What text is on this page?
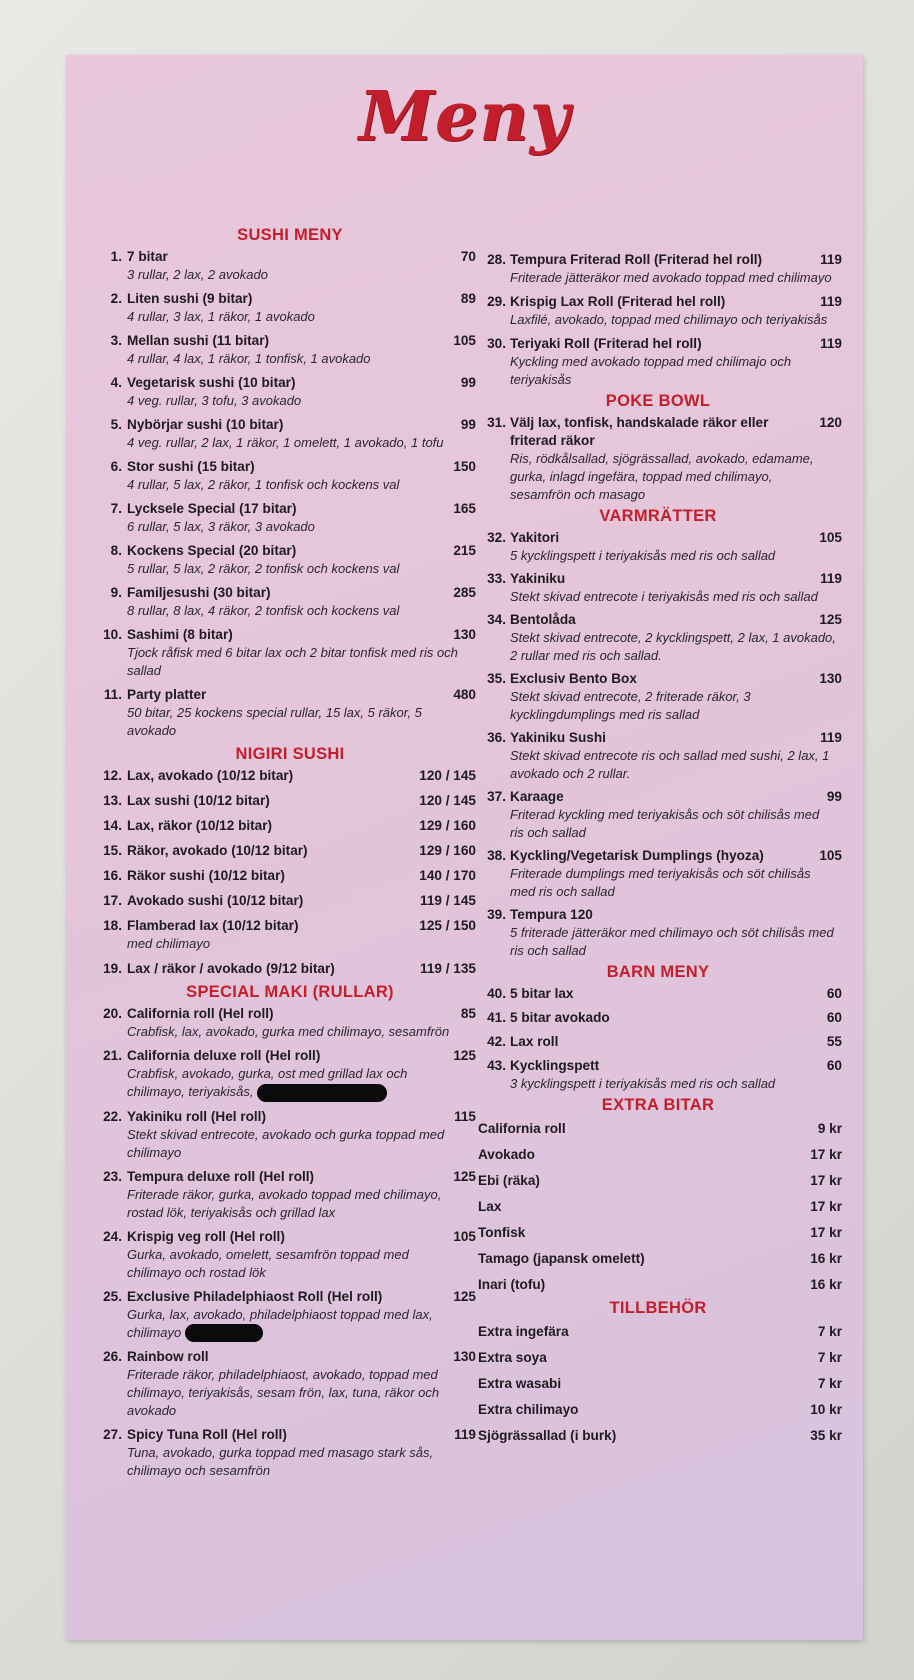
Meny
SUSHI MENY
1. 7 bitar	70
3 rullar, 2 lax, 2 avokado
2. Liten sushi (9 bitar)	89
4 rullar, 3 lax, 1 räkor, 1 avokado
3. Mellan sushi (11 bitar)	105
4 rullar, 4 lax, 1 räkor, 1 tonfisk, 1 avokado
4. Vegetarisk sushi (10 bitar)	99
4 veg. rullar, 3 tofu, 3 avokado
5. Nybörjar sushi (10 bitar)	99
4 veg. rullar, 2 lax, 1 räkor, 1 omelett, 1 avokado, 1 tofu
6. Stor sushi (15 bitar)	150
4 rullar, 5 lax, 2 räkor, 1 tonfisk och kockens val
7. Lycksele Special (17 bitar)	165
6 rullar, 5 lax, 3 räkor, 3 avokado
8. Kockens Special (20 bitar)	215
5 rullar, 5 lax, 2 räkor, 2 tonfisk och kockens val
9. Familjesushi (30 bitar)	285
8 rullar, 8 lax, 4 räkor, 2 tonfisk och kockens val
10. Sashimi (8 bitar)	130
Tjock råfisk med 6 bitar lax och 2 bitar tonfisk med ris och sallad
11. Party platter	480
50 bitar, 25 kockens special rullar, 15 lax, 5 räkor, 5 avokado
NIGIRI SUSHI
12. Lax, avokado (10/12 bitar)	120 / 145
13. Lax sushi (10/12 bitar)	120 / 145
14. Lax, räkor (10/12 bitar)	129 / 160
15. Räkor, avokado (10/12 bitar)	129 / 160
16. Räkor sushi (10/12 bitar)	140 / 170
17. Avokado sushi (10/12 bitar)	119 / 145
18. Flamberad lax (10/12 bitar)	125 / 150
med chilimayo
19. Lax / räkor / avokado (9/12 bitar)	119 / 135
SPECIAL MAKI (RULLAR)
20. California roll (Hel roll)	85
Crabfisk, lax, avokado, gurka med chilimayo, sesamfrön
21. California deluxe roll (Hel roll)	125
Crabfisk, avokado, gurka, ost med grillad lax och chilimayo, teriyakisås,
22. Yakiniku roll (Hel roll)	115
Stekt skivad entrecote, avokado och gurka toppad med chilimayo
23. Tempura deluxe roll (Hel roll)	125
Friterade räkor, gurka, avokado toppad med chilimayo, rostad lök, teriyakisås och grillad lax
24. Krispig veg roll (Hel roll)	105
Gurka, avokado, omelett, sesamfrön toppad med chilimayo och rostad lök
25. Exclusive Philadelphiaost Roll (Hel roll)	125
Gurka, lax, avokado, philadelphiaost toppad med lax, chilimayo
26. Rainbow roll	130
Friterade räkor, philadelphiaost, avokado, toppad med chilimayo, teriyakisås, sesam frön, lax, tuna, räkor och avokado
27. Spicy Tuna Roll (Hel roll)	119
Tuna, avokado, gurka toppad med masago stark sås, chilimayo och sesamfrön
28. Tempura Friterad Roll (Friterad hel roll)	119
Friterade jätteräkor med avokado toppad med chilimayo
29. Krispig Lax Roll (Friterad hel roll)	119
Laxfilé, avokado, toppad med chilimayo och teriyakisås
30. Teriyaki Roll (Friterad hel roll)	119
Kyckling med avokado toppad med chilimajo och teriyakisås
POKE BOWL
31. Välj lax, tonfisk, handskalade räkor eller friterad räkor
120
Ris, rödkålsallad, sjögrässallad, avokado, edamame, gurka, inlagd ingefära, toppad med chilimayo, sesamfrön och masago
VARMRÄTTER
32. Yakitori	105
5 kycklingspett i teriyakisås med ris och sallad
33. Yakiniku	119
Stekt skivad entrecote i teriyakisås med ris och sallad
34. Bentolåda	125
Stekt skivad entrecote, 2 kycklingspett, 2 lax, 1 avokado, 2 rullar med ris och sallad.
35. Exclusiv Bento Box	130
Stekt skivad entrecote, 2 friterade räkor, 3 kycklingdumplings med ris sallad
36. Yakiniku Sushi	119
Stekt skivad entrecote ris och sallad med sushi, 2 lax, 1 avokado och 2 rullar.
37. Karaage	99
Friterad kyckling med teriyakisås och söt chilisås med ris och sallad
38. Kyckling/Vegetarisk Dumplings (hyoza)	105
Friterade dumplings med teriyakisås och söt chilisås med ris och sallad
39. Tempura 120
5 friterade jätteräkor med chilimayo och söt chilisås med ris och sallad
BARN MENY
40. 5 bitar lax	60
41. 5 bitar avokado	60
42. Lax roll	55
43. Kycklingspett	60
3 kycklingspett i teriyakisås med ris och sallad
EXTRA BITAR
California roll	9 kr
Avokado	17 kr
Ebi (räka)	17 kr
Lax	17 kr
Tonfisk	17 kr
Tamago (japansk omelett)	16 kr
Inari (tofu)	16 kr
TILLBEHÖR
Extra ingefära	7 kr
Extra soya	7 kr
Extra wasabi	7 kr
Extra chilimayo	10 kr
Sjögrässallad (i burk)	35 kr
